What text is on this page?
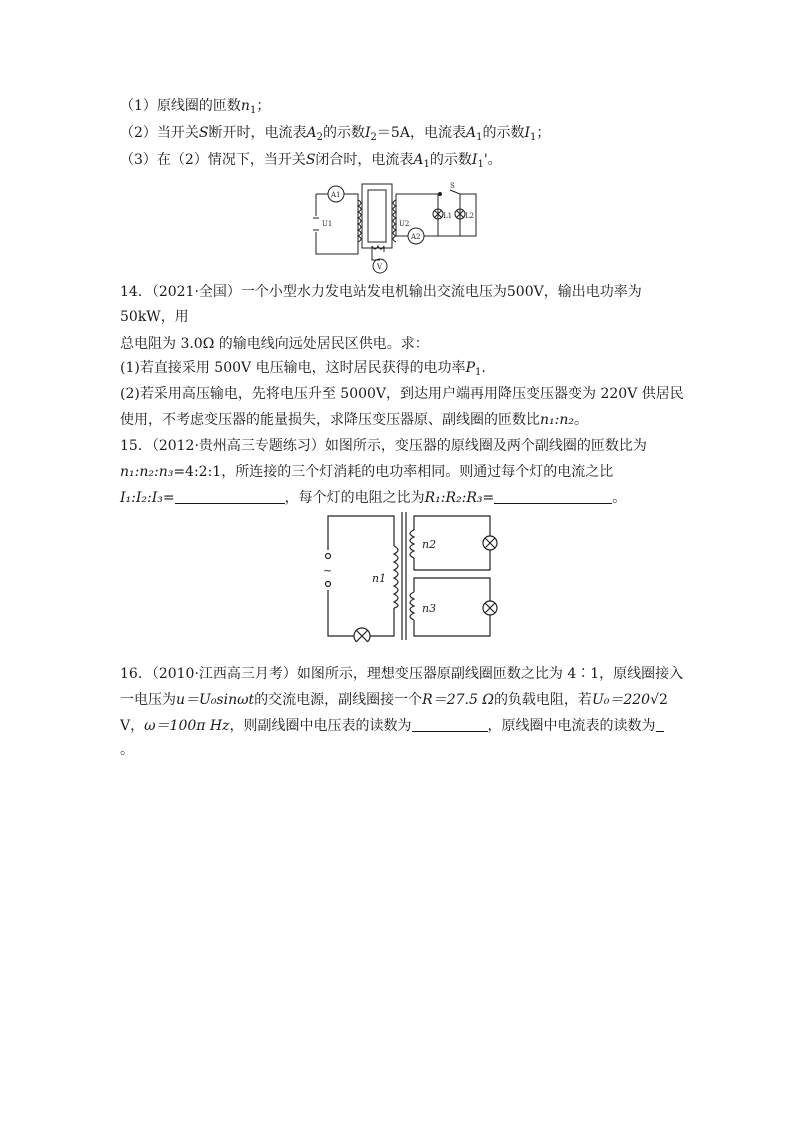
（1）原线圈的匝数$n_1$；
（2）当开关S断开时，电流表$A_2$的示数$I_2=5A$，电流表$A_1$的示数$I_1$；
（3）在（2）情况下，当开关S闭合时，电流表$A_1$的示数$I_1'$。
A1
U1	U2
S
L1 L2
A2
V
14．（2021·全国）一个小型水力发电站发电机输出交流电压为500V，输出电功率为
50kW，用
总电阻为 3.0Ω 的输电线向远处居民区供电。求：
(1)若直接采用 500V 电压输电，这时居民获得的电功率$P_1$.
(2)若采用高压输电，先将电压升至 5000V，到达用户端再用降压变压器变为 220V 供居民
使用，不考虑变压器的能量损失，求降压变压器原、副线圈的匝数比n₁:n₂。
15．（2012·贵州高三专题练习）如图所示，变压器的原线圈及两个副线圈的匝数比为
n₁:n₂:n₃=4:2:1，所连接的三个灯消耗的电功率相同。则通过每个灯的电流之比
I₁:I₂:I₃=	，每个灯的电阻之比为R₁:R₂:R₃=	。
~
n1
n2
n3
16．（2010·江西高三月考）如图所示，理想变压器原副线圈匝数之比为 4∶1，原线圈接入
一电压为u＝U₀sinωt的交流电源，副线圈接一个R＝27.5 Ω的负载电阻，若U₀＝220√2
V，ω＝100π Hz，则副线圈中电压表的读数为	，原线圈中电流表的读数为
。
